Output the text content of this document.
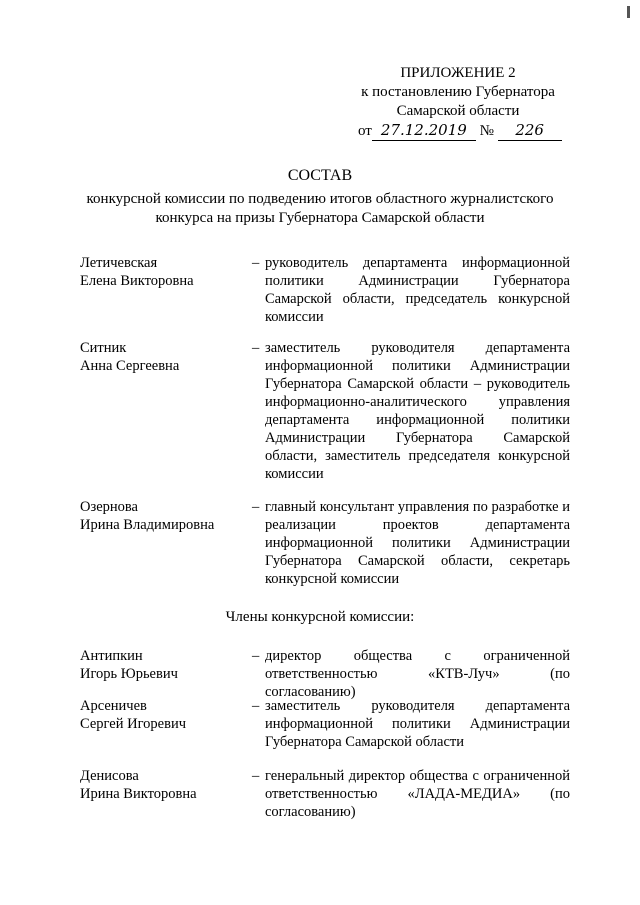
ПРИЛОЖЕНИЕ 2
к постановлению Губернатора
Самарской области
от 27.12.2019 № 226
СОСТАВ
конкурсной комиссии по подведению итогов областного журналистского конкурса на призы Губернатора Самарской области
Летичевская
Елена Викторовна
– руководитель департамента информационной политики Администрации Губернатора Самарской области, председатель конкурсной комиссии
Ситник
Анна Сергеевна
– заместитель руководителя департамента информационной политики Администрации Губернатора Самарской области – руководитель информационно-аналитического управления департамента информационной политики Администрации Губернатора Самарской области, заместитель председателя конкурсной комиссии
Озернова
Ирина Владимировна
– главный консультант управления по разработке и реализации проектов департамента информационной политики Администрации Губернатора Самарской области, секретарь конкурсной комиссии
Члены конкурсной комиссии:
Антипкин
Игорь Юрьевич
– директор общества с ограниченной ответственностью «КТВ-Луч» (по согласованию)
Арсеничев
Сергей Игоревич
– заместитель руководителя департамента информационной политики Администрации Губернатора Самарской области
Денисова
Ирина Викторовна
– генеральный директор общества с ограниченной ответственностью «ЛАДА-МЕДИА» (по согласованию)
